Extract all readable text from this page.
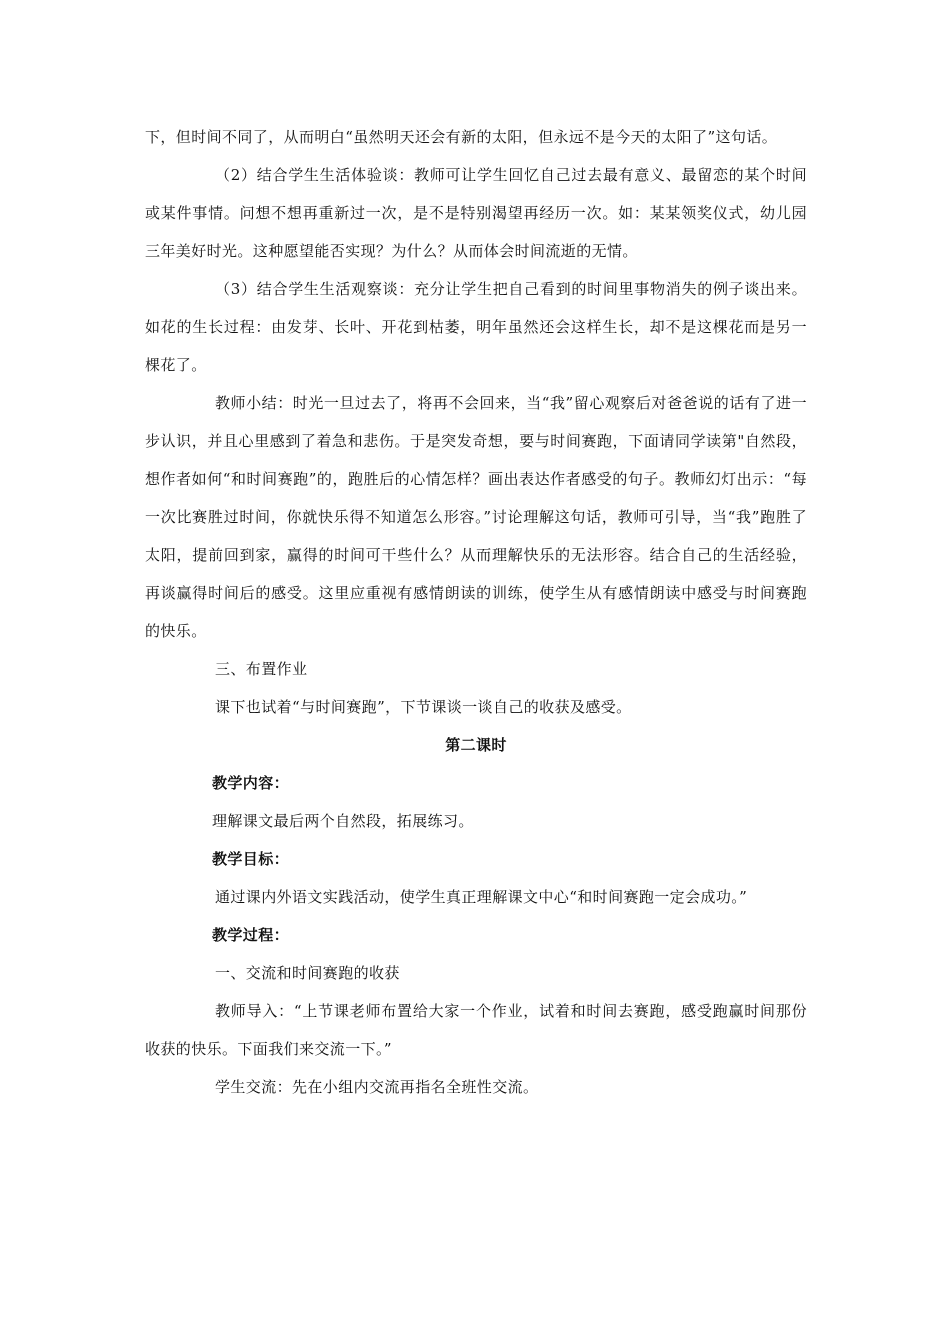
下，但时间不同了，从而明白“虽然明天还会有新的太阳，但永远不是今天的太阳了”这句话。

（2）结合学生生活体验谈：教师可让学生回忆自己过去最有意义、最留恋的某个时间或某件事情。问想不想再重新过一次，是不是特别渴望再经历一次。如：某某领奖仪式，幼儿园三年美好时光。这种愿望能否实现？为什么？从而体会时间流逝的无情。

（3）结合学生生活观察谈：充分让学生把自己看到的时间里事物消失的例子谈出来。如花的生长过程：由发芽、长叶、开花到枯萎，明年虽然还会这样生长，却不是这棵花而是另一棵花了。

教师小结：时光一旦过去了，将再不会回来，当“我”留心观察后对爸爸说的话有了进一步认识，并且心里感到了着急和悲伤。于是突发奇想，要与时间赛跑，下面请同学读第"自然段，想作者如何“和时间赛跑”的，跑胜后的心情怎样？画出表达作者感受的句子。教师幻灯出示：“每一次比赛胜过时间，你就快乐得不知道怎么形容。”讨论理解这句话，教师可引导，当“我”跑胜了太阳，提前回到家，赢得的时间可干些什么？从而理解快乐的无法形容。结合自己的生活经验，再谈赢得时间后的感受。这里应重视有感情朗读的训练，使学生从有感情朗读中感受与时间赛跑的快乐。

三、布置作业

课下也试着“与时间赛跑”，下节课谈一谈自己的收获及感受。

第二课时

教学内容：

理解课文最后两个自然段，拓展练习。

教学目标：

通过课内外语文实践活动，使学生真正理解课文中心“和时间赛跑一定会成功。”

教学过程：

一、交流和时间赛跑的收获

教师导入：“上节课老师布置给大家一个作业，试着和时间去赛跑，感受跑赢时间那份收获的快乐。下面我们来交流一下。”

学生交流：先在小组内交流再指名全班性交流。
